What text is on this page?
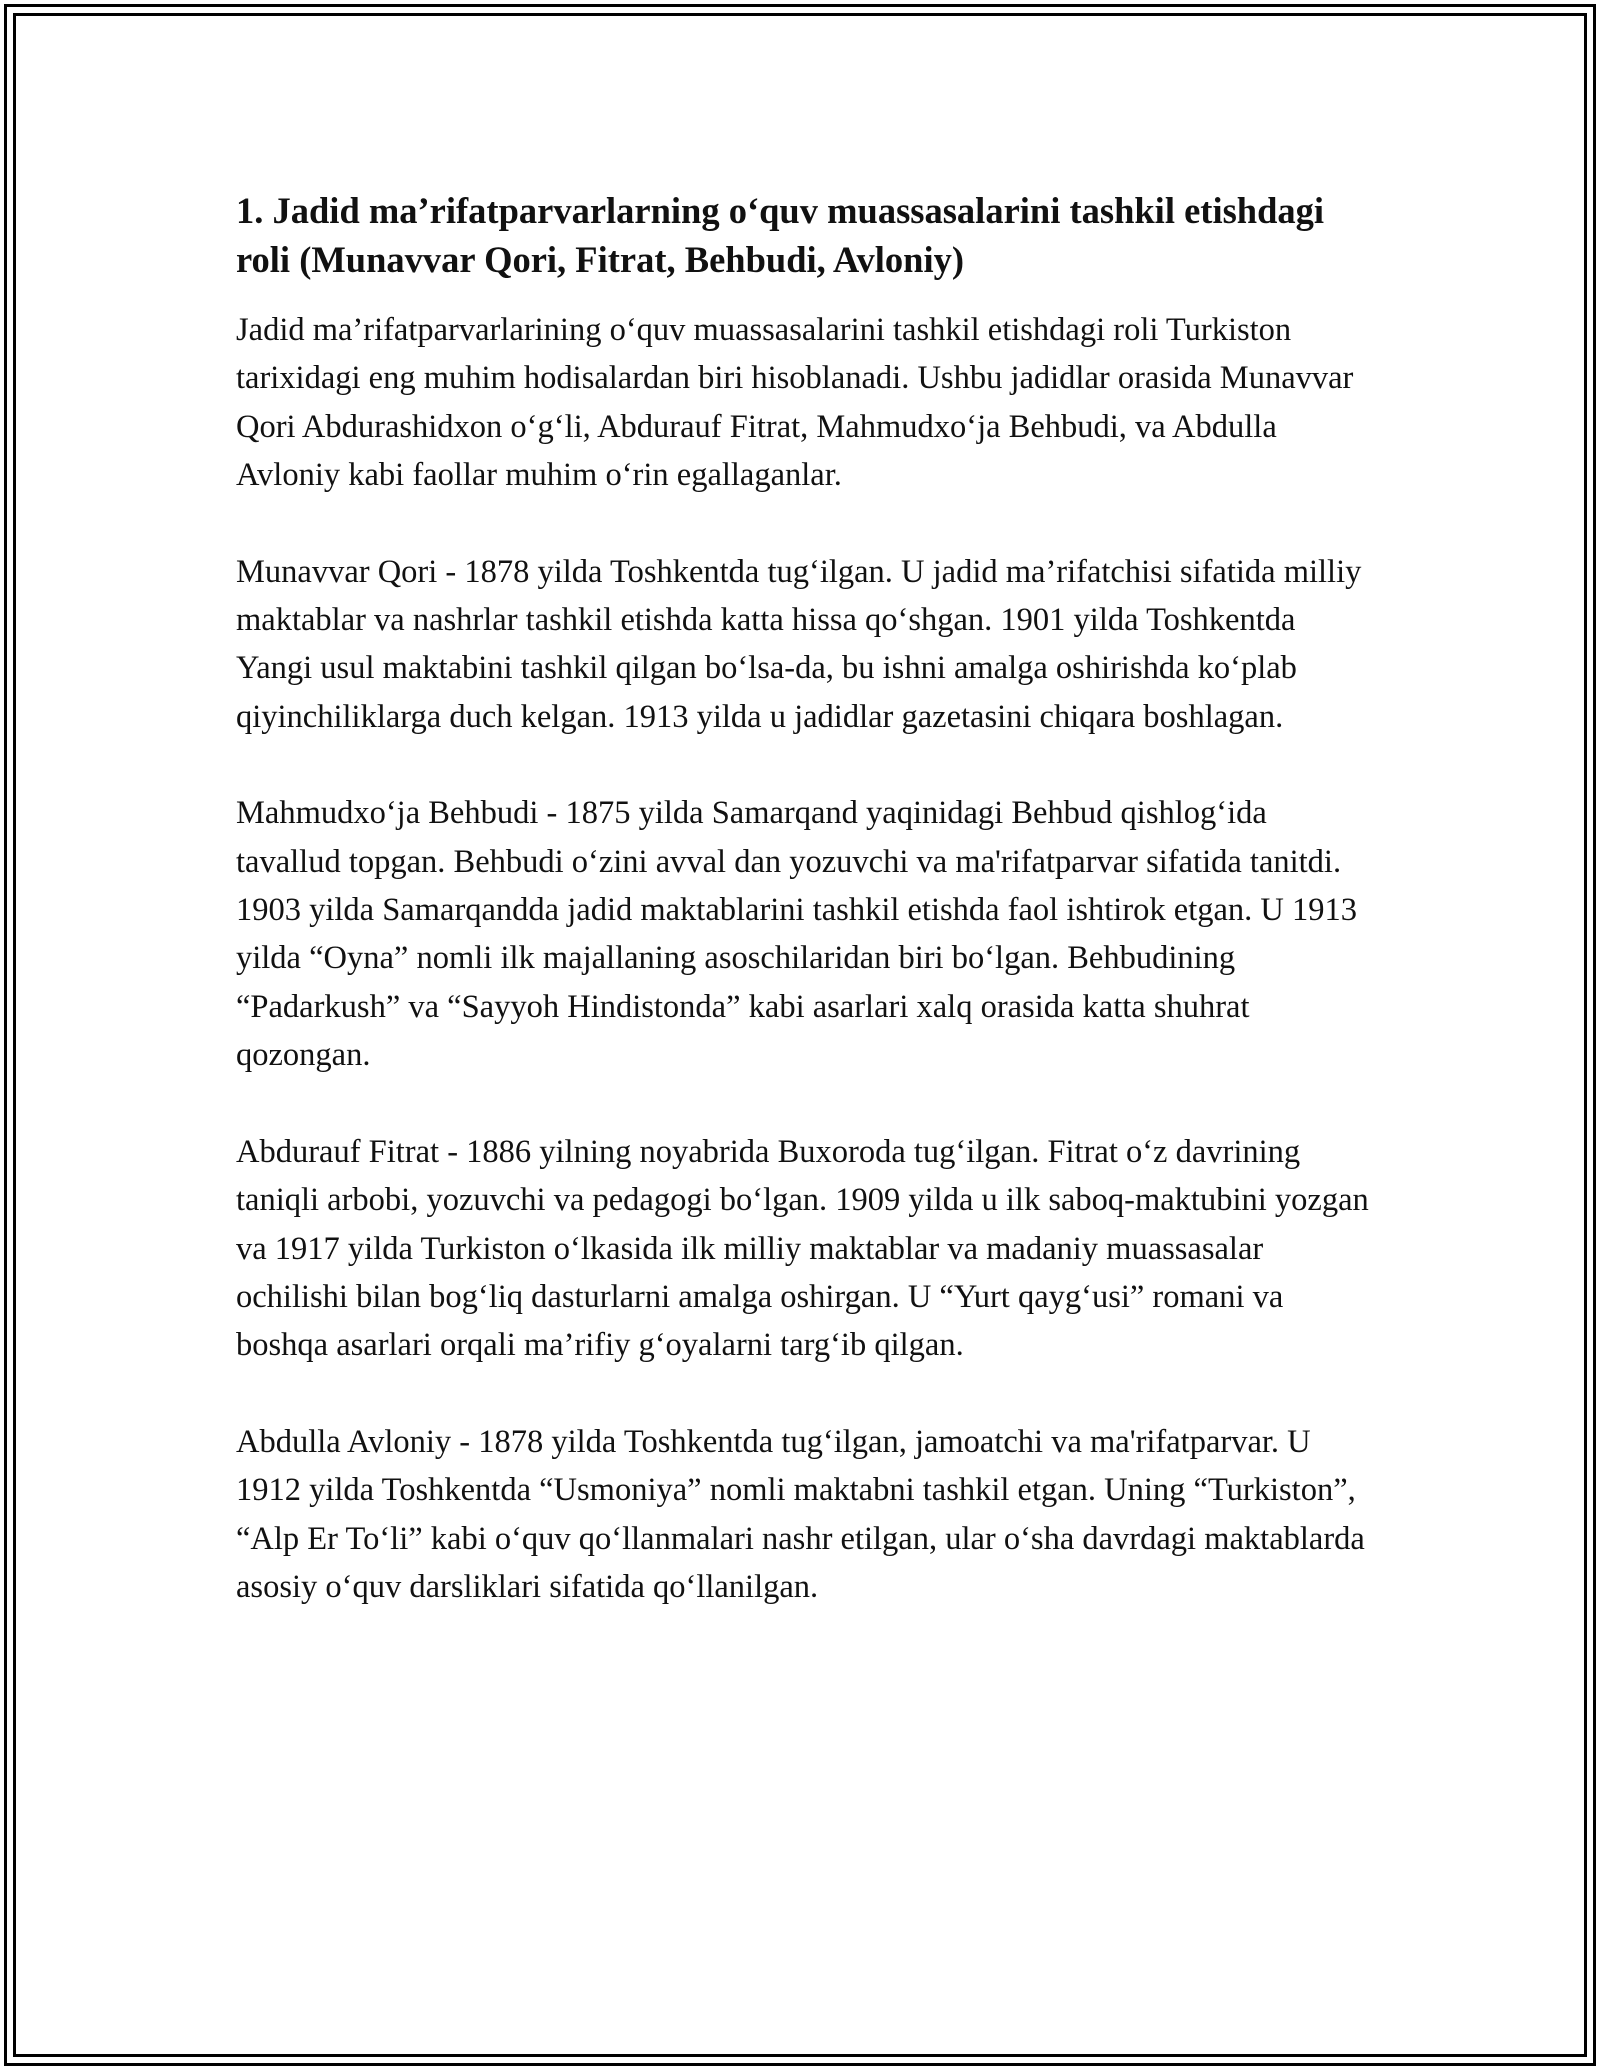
1. Jadid ma’rifatparvarlarning o‘quv muassasalarini tashkil etishdagi roli (Munavvar Qori, Fitrat, Behbudi, Avloniy)

Jadid ma’rifatparvarlarining o‘quv muassasalarini tashkil etishdagi roli Turkiston tarixidagi eng muhim hodisalardan biri hisoblanadi. Ushbu jadidlar orasida Munavvar Qori Abdurashidxon o‘g‘li, Abdurauf Fitrat, Mahmudxo‘ja Behbudi, va Abdulla Avloniy kabi faollar muhim o‘rin egallaganlar.

Munavvar Qori - 1878 yilda Toshkentda tug‘ilgan. U jadid ma’rifatchisi sifatida milliy maktablar va nashrlar tashkil etishda katta hissa qo‘shgan. 1901 yilda Toshkentda Yangi usul maktabini tashkil qilgan bo‘lsa-da, bu ishni amalga oshirishda ko‘plab qiyinchiliklarga duch kelgan. 1913 yilda u jadidlar gazetasini chiqara boshlagan.

Mahmudxo‘ja Behbudi - 1875 yilda Samarqand yaqinidagi Behbud qishlog‘ida tavallud topgan. Behbudi o‘zini avval dan yozuvchi va ma'rifatparvar sifatida tanitdi. 1903 yilda Samarqandda jadid maktablarini tashkil etishda faol ishtirok etgan. U 1913 yilda “Oyna” nomli ilk majallaning asoschilaridan biri bo‘lgan. Behbudining “Padarkush” va “Sayyoh Hindistonda” kabi asarlari xalq orasida katta shuhrat qozongan.

Abdurauf Fitrat - 1886 yilning noyabrida Buxoroda tug‘ilgan. Fitrat o‘z davrining taniqli arbobi, yozuvchi va pedagogi bo‘lgan. 1909 yilda u ilk saboq-maktubini yozgan va 1917 yilda Turkiston o‘lkasida ilk milliy maktablar va madaniy muassasalar ochilishi bilan bog‘liq dasturlarni amalga oshirgan. U “Yurt qayg‘usi” romani va boshqa asarlari orqali ma’rifiy g‘oyalarni targ‘ib qilgan.

Abdulla Avloniy - 1878 yilda Toshkentda tug‘ilgan, jamoatchi va ma'rifatparvar. U 1912 yilda Toshkentda “Usmoniya” nomli maktabni tashkil etgan. Uning “Turkiston”, “Alp Er To‘li” kabi o‘quv qo‘llanmalari nashr etilgan, ular o‘sha davrdagi maktablarda asosiy o‘quv darsliklari sifatida qo‘llanilgan.
